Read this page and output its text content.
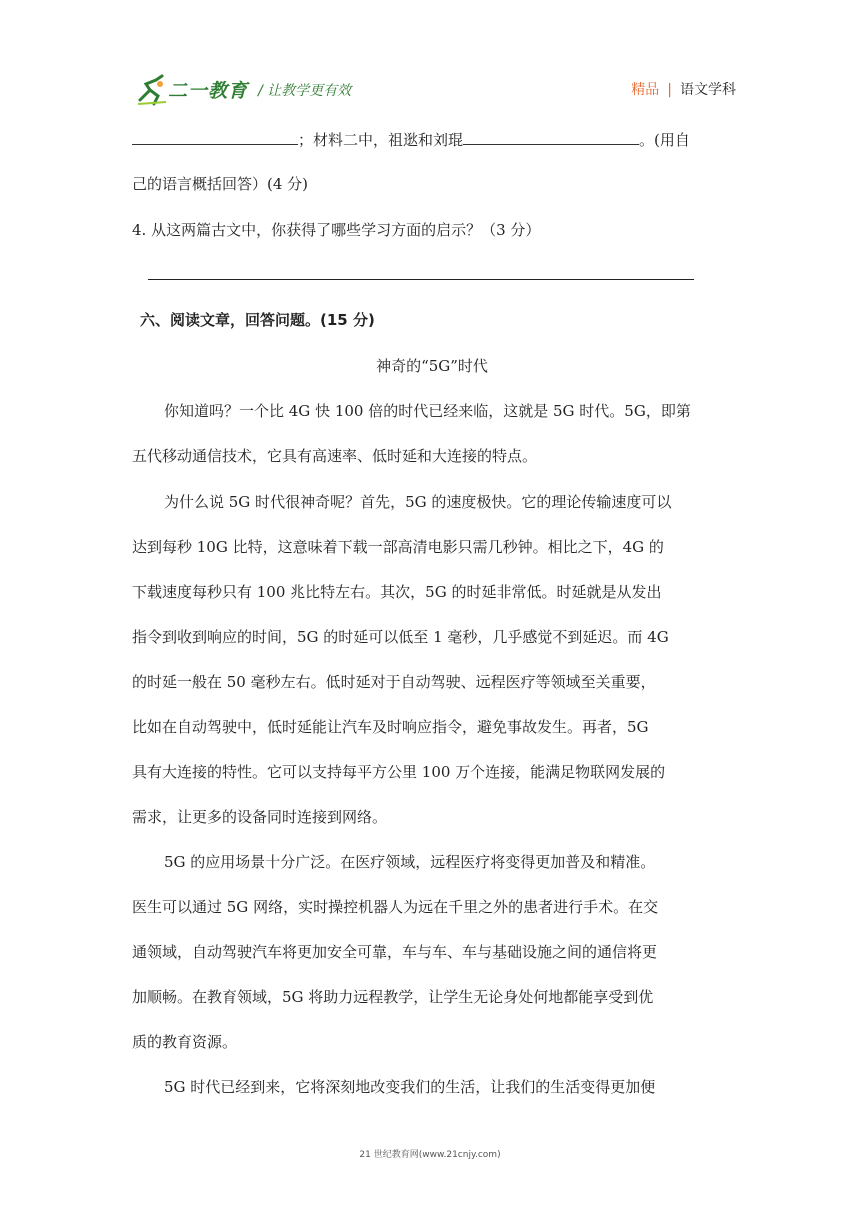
二一教育 / 让教学更有效	精品 | 语文学科
；材料二中，祖逖和刘琨	。(用自
己的语言概括回答）(4 分)
4. 从这两篇古文中，你获得了哪些学习方面的启示？（3 分）
六、阅读文章，回答问题。(15 分)
神奇的“5G”时代
你知道吗？一个比 4G 快 100 倍的时代已经来临，这就是 5G 时代。5G，即第
五代移动通信技术，它具有高速率、低时延和大连接的特点。
为什么说 5G 时代很神奇呢？首先，5G 的速度极快。它的理论传输速度可以
达到每秒 10G 比特，这意味着下载一部高清电影只需几秒钟。相比之下，4G 的
下载速度每秒只有 100 兆比特左右。其次，5G 的时延非常低。时延就是从发出
指令到收到响应的时间，5G 的时延可以低至 1 毫秒，几乎感觉不到延迟。而 4G
的时延一般在 50 毫秒左右。低时延对于自动驾驶、远程医疗等领域至关重要，
比如在自动驾驶中，低时延能让汽车及时响应指令，避免事故发生。再者，5G
具有大连接的特性。它可以支持每平方公里 100 万个连接，能满足物联网发展的
需求，让更多的设备同时连接到网络。
5G 的应用场景十分广泛。在医疗领域，远程医疗将变得更加普及和精准。
医生可以通过 5G 网络，实时操控机器人为远在千里之外的患者进行手术。在交
通领域，自动驾驶汽车将更加安全可靠，车与车、车与基础设施之间的通信将更
加顺畅。在教育领域，5G 将助力远程教学，让学生无论身处何地都能享受到优
质的教育资源。
5G 时代已经到来，它将深刻地改变我们的生活，让我们的生活变得更加便
21 世纪教育网(www.21cnjy.com)
